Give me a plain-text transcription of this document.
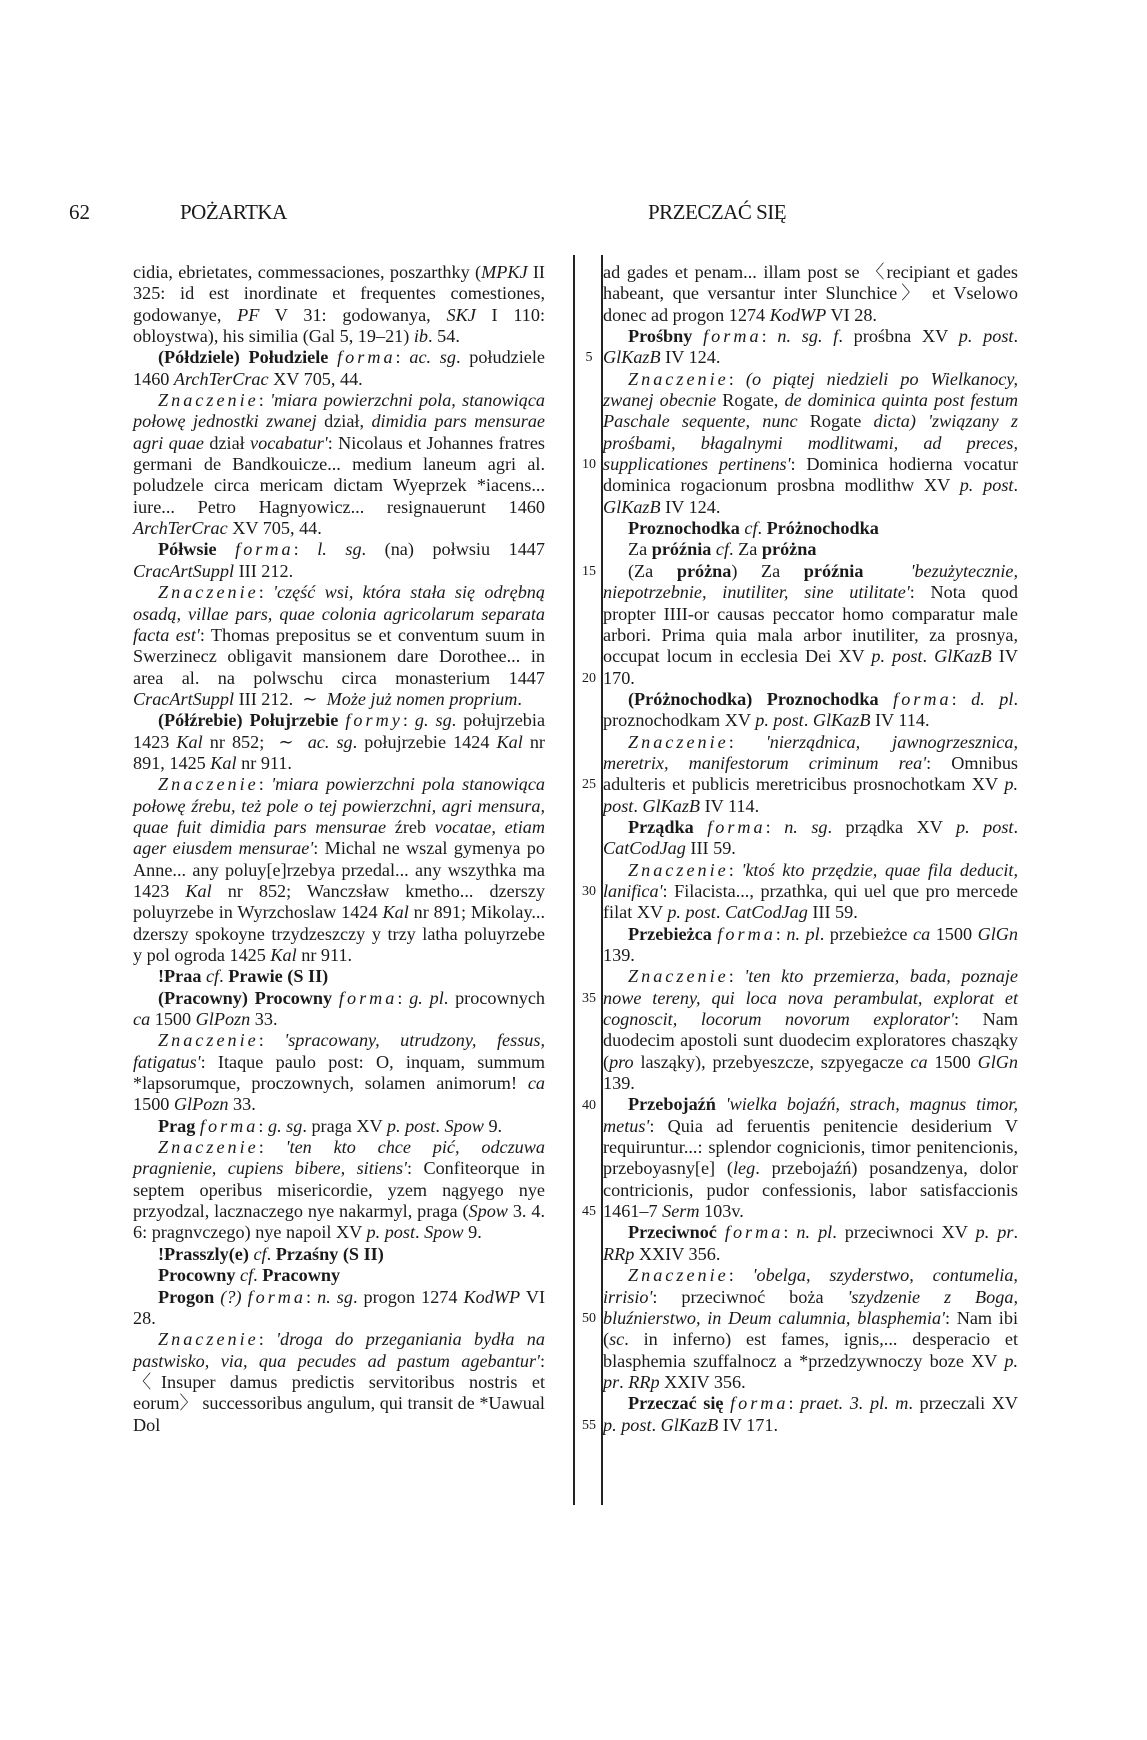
62	POŻARTKA	PRZECZAĆ SIĘ

cidia, ebrietates, commessaciones, poszarthky (MPKJ II 325: id est inordinate et frequentes comestiones, godowanye, PF V 31: godowanya, SKJ I 110: obloystwa), his similia (Gal 5, 19–21) ib. 54.

(Półdziele) Połudziele forma: ac. sg. połudziele 1460 ArchTerCrac XV 705, 44.

Znaczenie: 'miara powierzchni pola, stanowiąca połowę jednostki zwanej dział, dimidia pars mensurae agri quae dział vocabatur': Nicolaus et Johannes fratres germani de Bandkouicze... medium laneum agri al. poludzele circa mericam dictam Wyeprzek *iacens... iure... Petro Hagnyowicz... resignauerunt 1460 ArchTerCrac XV 705, 44.

Półwsie forma: l. sg. (na) połwsiu 1447 CracArtSuppl III 212.

Znaczenie: 'część wsi, która stała się odrębną osadą, villae pars, quae colonia agricolarum separata facta est': Thomas prepositus se et conventum suum in Swerzinecz obligavit mansionem dare Dorothee... in area al. na polwschu circa monasterium 1447 CracArtSuppl III 212.  ∼  Może już nomen proprium.

(Półźrebie) Połujrzebie formy: g. sg. połujrzebia 1423 Kal nr 852;  ∼  ac. sg. połujrzebie 1424 Kal nr 891, 1425 Kal nr 911.

Znaczenie: 'miara powierzchni pola stanowiąca połowę źrebu, też pole o tej powierzchni, agri mensura, quae fuit dimidia pars mensurae źreb vocatae, etiam ager eiusdem mensurae': Michal ne wszal gymenya po Anne... any poluy[e]rzebya przedal... any wszythka ma 1423 Kal nr 852; Wanczsław kmetho... dzerszy poluyrzebe in Wyrzchoslaw 1424 Kal nr 891; Mikolay... dzerszy spokoyne trzydzeszczy y trzy latha poluyrzebe y pol ogroda 1425 Kal nr 911.

!Praa cf. Prawie (S II)

(Pracowny) Procowny forma: g. pl. procownych ca 1500 GlPozn 33.

Znaczenie: 'spracowany, utrudzony, fessus, fatigatus': Itaque paulo post: O, inquam, summum *lapsorumque, proczownych, solamen animorum! ca 1500 GlPozn 33.

Prag forma: g. sg. praga XV p. post. Spow 9.

Znaczenie: 'ten kto chce pić, odczuwa pragnienie, cupiens bibere, sitiens': Confiteorque in septem operibus misericordie, yzem nągyego nye przyodzal, lacznaczego nye nakarmyl, praga (Spow 3. 4. 6: pragnvczego) nye napoil XV p. post. Spow 9.

!Prasszly(e) cf. Przaśny (S II)

Procowny cf. Pracowny

Progon (?) forma: n. sg. progon 1274 KodWP VI 28.

Znaczenie: 'droga do przeganiania bydła na pastwisko, via, qua pecudes ad pastum agebantur': 〈Insuper damus predictis servitoribus nostris et eorum〉 successoribus angulum, qui transit de *Uawual Dol

5
10
15
20
25
30
35
40
45
50
55

ad gades et penam... illam post se 〈recipiant et gades habeant, que versantur inter Slunchice〉 et Vselowo donec ad progon 1274 KodWP VI 28.

Prośbny forma: n. sg. f. prośbna XV p. post. GlKazB IV 124.

Znaczenie: (o piątej niedzieli po Wielkanocy, zwanej obecnie Rogate, de dominica quinta post festum Paschale sequente, nunc Rogate dicta) 'związany z prośbami, błagalnymi modlitwami, ad preces, supplicationes pertinens': Dominica hodierna vocatur dominica rogacionum prosbna modlithw XV p. post. GlKazB IV 124.

Proznochodka cf. Próżnochodka

Za próźnia cf. Za próżna

(Za próżna) Za próźnia	'bezużytecznie, niepotrzebnie, inutiliter, sine utilitate': Nota quod propter IIII-or causas peccator homo comparatur male arbori. Prima quia mala arbor inutiliter, za prosnya, occupat locum in ecclesia Dei XV p. post. GlKazB IV 170.

(Próżnochodka) Proznochodka forma: d. pl. proznochodkam XV p. post. GlKazB IV 114.

Znaczenie: 'nierządnica, jawnogrzesznica, meretrix, manifestorum criminum rea': Omnibus adulteris et publicis meretricibus prosnochotkam XV p. post. GlKazB IV 114.

Prządka forma: n. sg. prządka XV p. post. CatCodJag III 59.

Znaczenie: 'ktoś kto przędzie, quae fila deducit, lanifica': Filacista..., przathka, qui uel que pro mercede filat XV p. post. CatCodJag III 59.

Przebieżca forma: n. pl. przebieżce ca 1500 GlGn 139.

Znaczenie: 'ten kto przemierza, bada, poznaje nowe tereny, qui loca nova perambulat, explorat et cognoscit, locorum novorum explorator': Nam duodecim apostoli sunt duodecim exploratores chasząky (pro lasząky), przebyeszcze, szpyegacze ca 1500 GlGn 139.

Przebojaźń 'wielka bojaźń, strach, magnus timor, metus': Quia ad feruentis penitencie desiderium V requiruntur...: splendor cognicionis, timor penitencionis, przeboyasny[e] (leg. przebojaźń) posandzenya, dolor contricionis, pudor confessionis, labor satisfaccionis 1461–7 Serm 103v.

Przeciwnoć forma: n. pl. przeciwnoci XV p. pr. RRp XXIV 356.

Znaczenie: 'obelga, szyderstwo, contumelia, irrisio': przeciwnoć boża 'szydzenie z Boga, bluźnierstwo, in Deum calumnia, blasphemia': Nam ibi (sc. in inferno) est fames, ignis,... desperacio et blasphemia szuffalnocz a *przedzywnoczy boze XV p. pr. RRp XXIV 356.

Przeczać się forma: praet. 3. pl. m. przeczali XV p. post. GlKazB IV 171.
